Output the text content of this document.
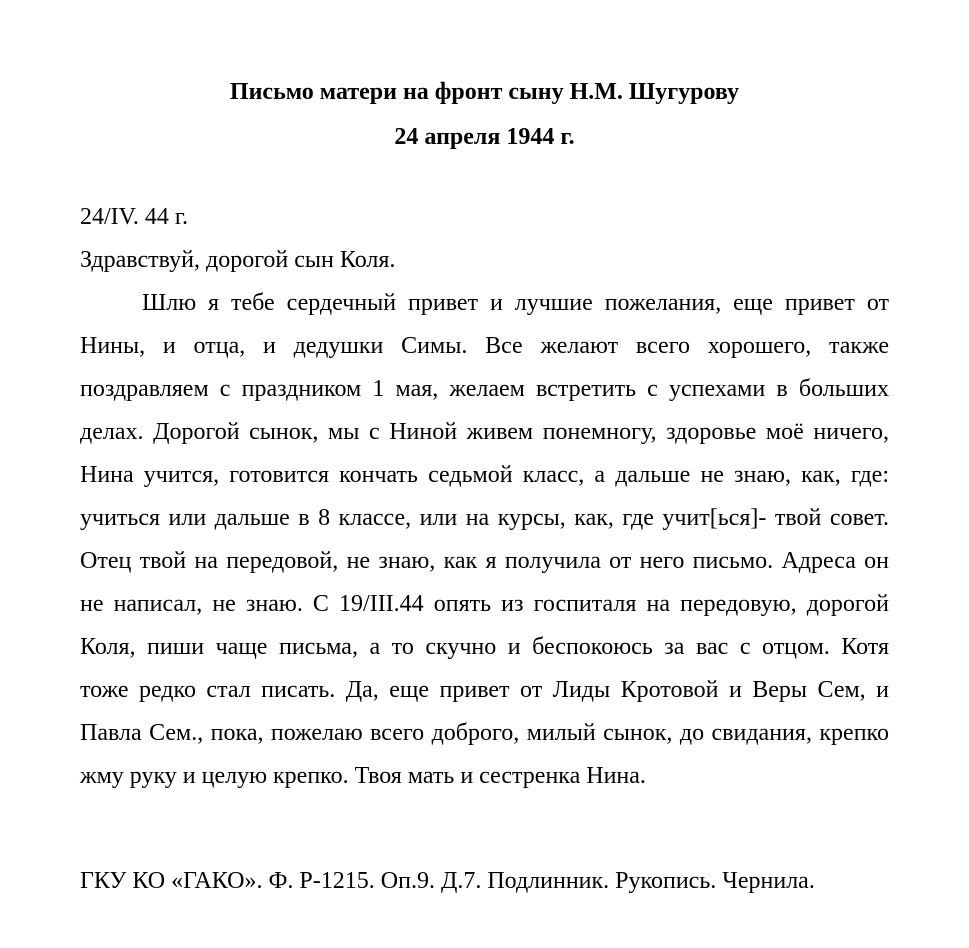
Письмо матери на фронт сыну Н.М. Шугурову
24 апреля 1944 г.
24/IV. 44 г.
Здравствуй, дорогой сын Коля.
Шлю я тебе сердечный привет и лучшие пожелания, еще привет от
Нины, и отца, и дедушки Симы. Все желают всего хорошего, также
поздравляем с праздником 1 мая, желаем встретить с успехами в больших
делах. Дорогой сынок, мы с Ниной живем понемногу, здоровье моё ничего,
Нина учится, готовится кончать седьмой класс, а дальше не знаю, как, где:
учиться или дальше в 8 классе, или на курсы, как, где учит[ься]- твой совет.
Отец твой на передовой, не знаю, как я получила от него письмо. Адреса он
не написал, не знаю. С 19/III.44 опять из госпиталя на передовую, дорогой
Коля, пиши чаще письма, а то скучно и беспокоюсь за вас с отцом. Котя
тоже редко стал писать. Да, еще привет от Лиды Кротовой и Веры Сем, и
Павла Сем., пока, пожелаю всего доброго, милый сынок, до свидания, крепко
жму руку и целую крепко. Твоя мать и сестренка Нина.
ГКУ КО «ГАКО». Ф. Р-1215. Оп.9. Д.7. Подлинник. Рукопись. Чернила.
